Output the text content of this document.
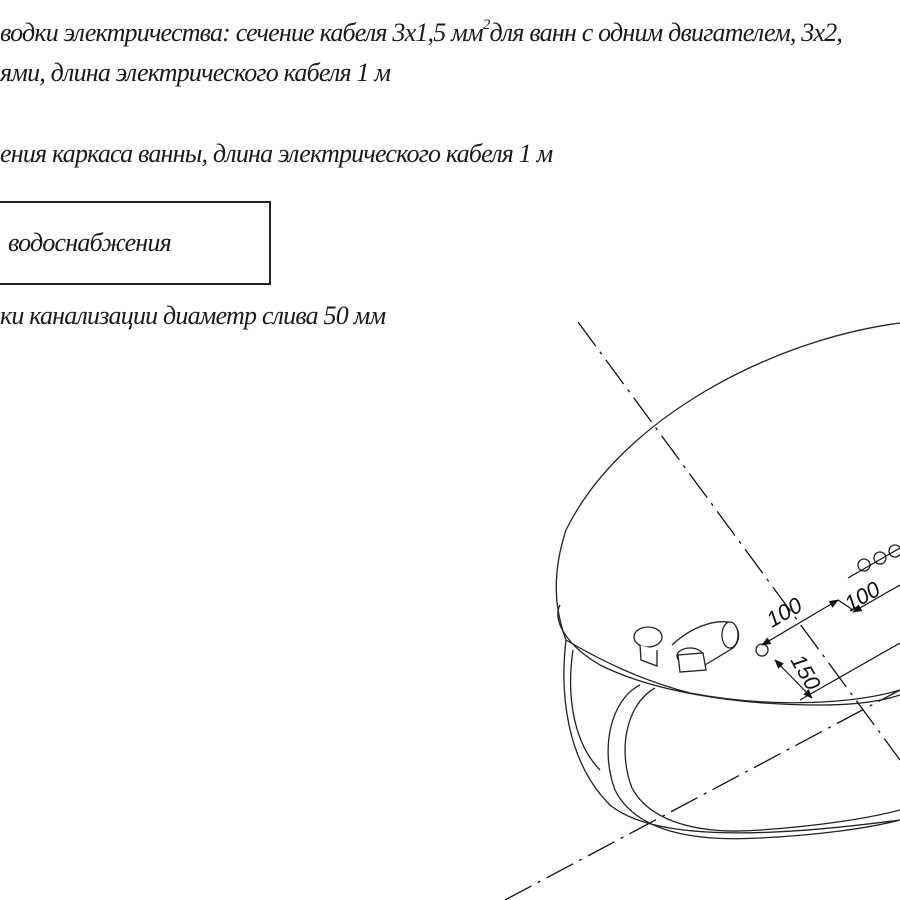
водки электричества: сечение кабеля 3х1,5 $мм^2для$ ванн с одним двигателем, 3х2,

ями, длина электрического кабеля 1 м

ения каркаса ванны, длина электрического кабеля 1 м

водоснабжения

ки канализации диаметр слива 50 мм

100 100
150
